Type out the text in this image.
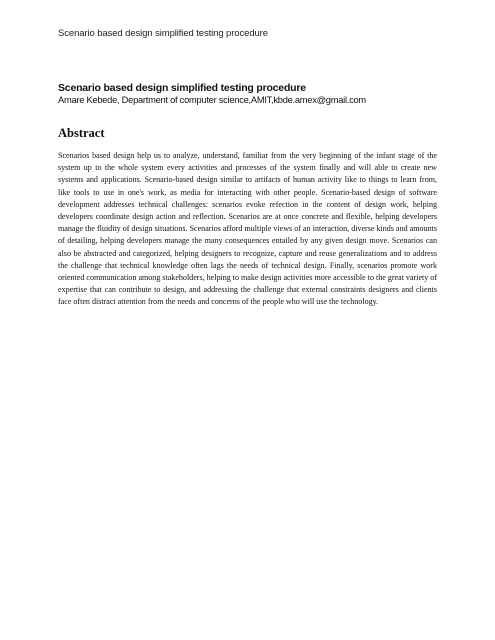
Scenario based design simplified testing procedure
Scenario based design simplified testing procedure
Amare Kebede, Department of computer science,AMIT,kbde.amex@gmail.com
Abstract

Scenarios based design help us to analyze, understand, familiar from the very beginning of the infant stage of the system up to the whole system every activities and processes of the system finally and will able to create new systems and applications. Scenario-based design similar to artifacts of human activity like to things to learn from, like tools to use in one's work, as media for interacting with other people. Scenario-based design of software development addresses technical challenges: scenarios evoke refection in the content of design work, helping developers coordinate design action and reflection. Scenarios are at once concrete and flexible, helping developers manage the fluidity of design situations. Scenarios afford multiple views of an interaction, diverse kinds and amounts of detailing, helping developers manage the many consequences entailed by any given design move. Scenarios can also be abstracted and categorized, helping designers to recognize, capture and reuse generalizations and to address the challenge that technical knowledge often lags the needs of technical design. Finally, scenarios promote work oriented communication among stakeholders, helping to make design activities more accessible to the great variety of expertise that can contribute to design, and addressing the challenge that external constraints designers and clients face often distract attention from the needs and concerns of the people who will use the technology.
